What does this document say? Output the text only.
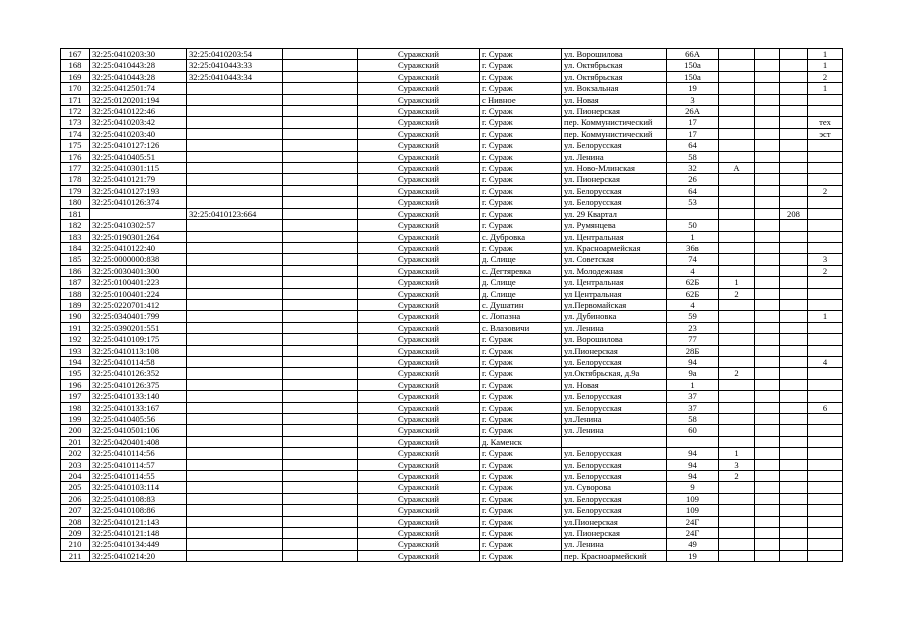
167	32:25:0410203:30	32:25:0410203:54		Суражский	г. Сураж	ул. Ворошилова	66А				1
168	32:25:0410443:28	32:25:0410443:33		Суражский	г. Сураж	ул. Октябрьская	150а				1
169	32:25:0410443:28	32:25:0410443:34		Суражский	г. Сураж	ул. Октябрьская	150а				2
170	32:25:0412501:74			Суражский	г. Сураж	ул. Вокзальная	19				1
171	32:25:0120201:194			Суражский	с Нивное	ул. Новая	3				
172	32:25:0410122:46			Суражский	г. Сураж	ул. Пионерская	26А				
173	32:25:0410203:42			Суражский	г. Сураж	пер. Коммунистический	17				тех
174	32:25:0410203:40			Суражский	г. Сураж	пер. Коммунистический	17				эст
175	32:25:0410127:126			Суражский	г. Сураж	ул. Белорусская	64				
176	32:25:0410405:51			Суражский	г. Сураж	ул. Ленина	58				
177	32:25:0410301:115			Суражский	г. Сураж	ул. Ново-Млинская	32	А			
178	32:25:0410121:79			Суражский	г. Сураж	ул. Пионерская	26				
179	32:25:0410127:193			Суражский	г. Сураж	ул. Белорусская	64				2
180	32:25:0410126:374			Суражский	г. Сураж	ул. Белорусская	53				
181		32:25:0410123:664		Суражский	г. Сураж	ул. 29 Квартал				208	
182	32:25:0410302:57			Суражский	г. Сураж	ул. Румянцева	50				
183	32:25:0190301:264			Суражский	с. Дубровка	ул. Центральная	1				
184	32:25:0410122:40			Суражский	г. Сураж	ул. Красноармейская	36в				
185	32:25:0000000:838			Суражский	д. Слище	ул. Советская	74				3
186	32:25:0030401:300			Суражский	с. Дегтяревка	ул. Молодежная	4				2
187	32:25:0100401:223			Суражский	д. Слище	ул. Центральная	62Б	1			
188	32:25:0100401:224			Суражский	д. Слище	ул Центральная	62Б	2			
189	32:25:0220701:412			Суражский	с. Душатин	ул.Первомайская	4				
190	32:25:0340401:799			Суражский	с. Лопазна	ул. Дубиновка	59				1
191	32:25:0390201:551			Суражский	с. Влазовичи	ул. Ленина	23				
192	32:25:0410109:175			Суражский	г. Сураж	ул. Ворошилова	77				
193	32:25:0410113:108			Суражский	г. Сураж	ул.Пионерская	28Б				
194	32:25:0410114:58			Суражский	г. Сураж	ул. Белорусская	94				4
195	32:25:0410126:352			Суражский	г. Сураж	ул.Октябрьская, д.9а	9а	2			
196	32:25:0410126:375			Суражский	г. Сураж	ул. Новая	1				
197	32:25:0410133:140			Суражский	г. Сураж	ул. Белорусская	37				
198	32:25:0410133:167			Суражский	г. Сураж	ул. Белорусская	37				6
199	32:25:0410405:56			Суражский	г. Сураж	ул.Ленина	58				
200	32:25:0410501:106			Суражский	г. Сураж	ул. Ленина	60				
201	32:25:0420401:408			Суражский	д. Каменск						
202	32:25:0410114:56			Суражский	г. Сураж	ул. Белорусская	94	1			
203	32:25:0410114:57			Суражский	г. Сураж	ул. Белорусская	94	3			
204	32:25:0410114:55			Суражский	г. Сураж	ул. Белорусская	94	2			
205	32:25:0410103:114			Суражский	г. Сураж	ул. Суворова	9				
206	32:25:0410108:83			Суражский	г. Сураж	ул. Белорусская	109				
207	32:25:0410108:86			Суражский	г. Сураж	ул. Белорусская	109				
208	32:25:0410121:143			Суражский	г. Сураж	ул.Пионерская	24Г				
209	32:25:0410121:148			Суражский	г. Сураж	ул. Пионерская	24Г				
210	32:25:0410134:449			Суражский	г. Сураж	ул. Ленина	49				
211	32:25:0410214:20			Суражский	г. Сураж	пер. Красноармейский	19				
